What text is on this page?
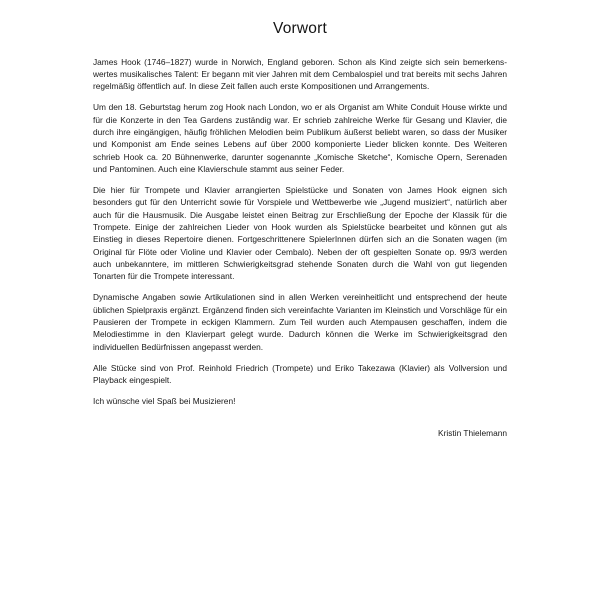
Vorwort

James Hook (1746–1827) wurde in Norwich, England geboren. Schon als Kind zeigte sich sein bemerkenswertes musikalisches Talent: Er begann mit vier Jahren mit dem Cembalospiel und trat bereits mit sechs Jahren regelmäßig öffentlich auf. In diese Zeit fallen auch erste Kompositionen und Arrangements.

Um den 18. Geburtstag herum zog Hook nach London, wo er als Organist am White Conduit House wirkte und für die Konzerte in den Tea Gardens zuständig war. Er schrieb zahlreiche Werke für Gesang und Klavier, die durch ihre eingängigen, häufig fröhlichen Melodien beim Publikum äußerst beliebt waren, so dass der Musiker und Komponist am Ende seines Lebens auf über 2000 komponierte Lieder blicken konnte. Des Weiteren schrieb Hook ca. 20 Bühnenwerke, darunter sogenannte „Komische Sketche“, Komische Opern, Serenaden und Pantominen. Auch eine Klavierschule stammt aus seiner Feder.

Die hier für Trompete und Klavier arrangierten Spielstücke und Sonaten von James Hook eignen sich besonders gut für den Unterricht sowie für Vorspiele und Wettbewerbe wie „Jugend musiziert“, natürlich aber auch für die Hausmusik. Die Ausgabe leistet einen Beitrag zur Erschließung der Epoche der Klassik für die Trompete. Einige der zahlreichen Lieder von Hook wurden als Spielstücke bearbeitet und können gut als Einstieg in dieses Repertoire dienen. Fortgeschrittenere SpielerInnen dürfen sich an die Sonaten wagen (im Original für Flöte oder Violine und Klavier oder Cembalo). Neben der oft gespielten Sonate op. 99/3 werden auch unbekanntere, im mittleren Schwierigkeitsgrad stehende Sonaten durch die Wahl von gut liegenden Tonarten für die Trompete interessant.

Dynamische Angaben sowie Artikulationen sind in allen Werken vereinheitlicht und entsprechend der heute üblichen Spielpraxis ergänzt. Ergänzend finden sich vereinfachte Varianten im Kleinstich und Vorschläge für ein Pausieren der Trompete in eckigen Klammern. Zum Teil wurden auch Atempausen geschaffen, indem die Melodiestimme in den Klavierpart gelegt wurde. Dadurch können die Werke im Schwierigkeitsgrad den individuellen Bedürfnissen angepasst werden.

Alle Stücke sind von Prof. Reinhold Friedrich (Trompete) und Eriko Takezawa (Klavier) als Vollversion und Playback eingespielt.

Ich wünsche viel Spaß bei Musizieren!

Kristin Thielemann
